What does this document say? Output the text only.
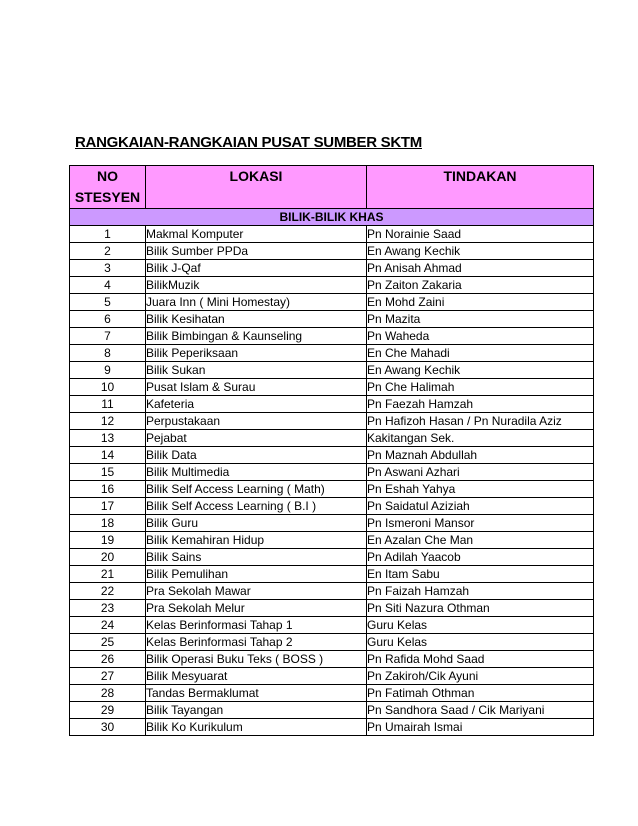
RANGKAIAN-RANGKAIAN PUSAT SUMBER SKTM
NO
STESYEN	LOKASI	TINDAKAN
BILIK-BILIK KHAS		
1	Makmal Komputer	Pn Norainie Saad
2	Bilik Sumber PPDa	En Awang Kechik
3	Bilik J-Qaf	Pn Anisah Ahmad
4	BilikMuzik	Pn Zaiton Zakaria
5	Juara Inn ( Mini Homestay)	En Mohd Zaini
6	Bilik Kesihatan	Pn Mazita
7	Bilik Bimbingan & Kaunseling	Pn Waheda
8	Bilik Peperiksaan	En Che Mahadi
9	Bilik Sukan	En Awang Kechik
10	Pusat Islam & Surau	Pn Che Halimah
11	Kafeteria	Pn Faezah Hamzah
12	Perpustakaan	Pn Hafizoh Hasan / Pn Nuradila Aziz
13	Pejabat	Kakitangan Sek.
14	Bilik Data	Pn Maznah Abdullah
15	Bilik Multimedia	Pn Aswani Azhari
16	Bilik Self Access Learning ( Math)	Pn Eshah Yahya
17	Bilik Self Access Learning ( B.I )	Pn Saidatul Aziziah
18	Bilik Guru	Pn Ismeroni Mansor
19	Bilik Kemahiran Hidup	En Azalan Che Man
20	Bilik Sains	Pn Adilah Yaacob
21	Bilik Pemulihan	En Itam Sabu
22	Pra Sekolah Mawar	Pn Faizah Hamzah
23	Pra Sekolah Melur	Pn Siti Nazura Othman
24	Kelas Berinformasi Tahap 1	Guru Kelas
25	Kelas Berinformasi Tahap 2	Guru Kelas
26	Bilik Operasi Buku Teks ( BOSS )	Pn Rafida Mohd Saad
27	Bilik Mesyuarat	Pn Zakiroh/Cik Ayuni
28	Tandas Bermaklumat	Pn Fatimah Othman
29	Bilik Tayangan	Pn Sandhora Saad / Cik Mariyani
30	Bilik Ko Kurikulum	Pn Umairah Ismai
